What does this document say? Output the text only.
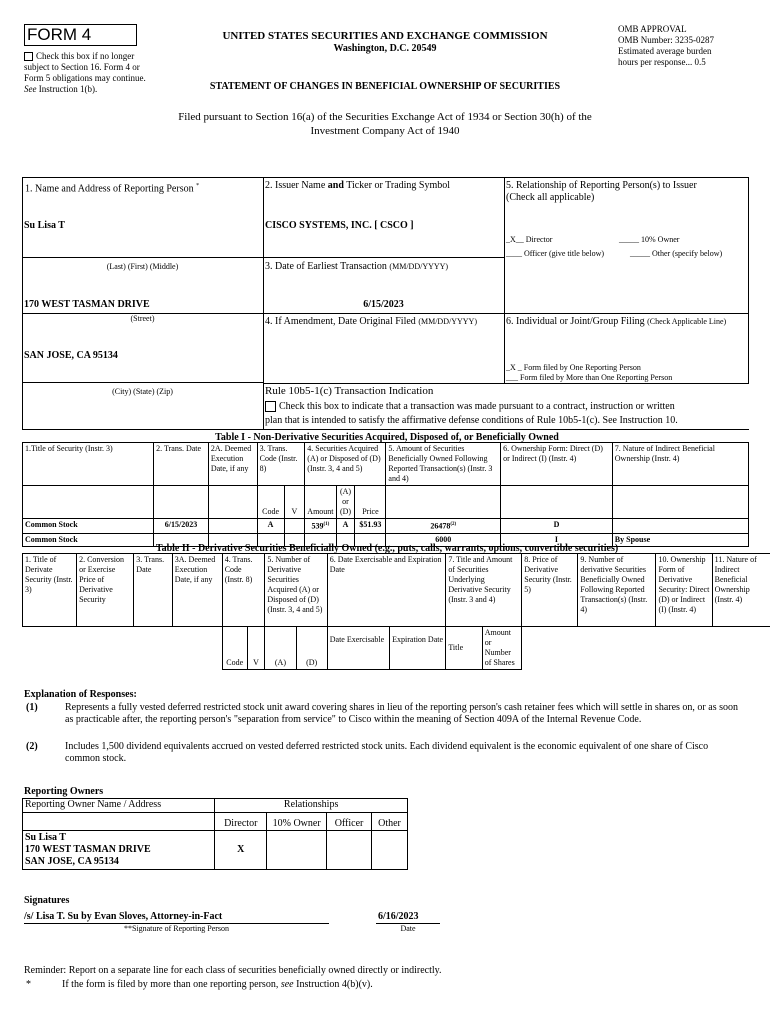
FORM 4
Check this box if no longer subject to Section 16. Form 4 or Form 5 obligations may continue. See Instruction 1(b).
UNITED STATES SECURITIES AND EXCHANGE COMMISSION
Washington, D.C. 20549
STATEMENT OF CHANGES IN BENEFICIAL OWNERSHIP OF SECURITIES
OMB APPROVAL
OMB Number: 3235-0287
Estimated average burden
hours per response... 0.5
Filed pursuant to Section 16(a) of the Securities Exchange Act of 1934 or Section 30(h) of the
Investment Company Act of 1940
1. Name and Address of Reporting Person *
Su Lisa T
(Last) (First) (Middle)
170 WEST TASMAN DRIVE
(Street)
SAN JOSE, CA 95134
(City) (State) (Zip)
2. Issuer Name and Ticker or Trading Symbol
CISCO SYSTEMS, INC. [ CSCO ]
3. Date of Earliest Transaction (MM/DD/YYYY)
6/15/2023
4. If Amendment, Date Original Filed (MM/DD/YYYY)
5. Relationship of Reporting Person(s) to Issuer
(Check all applicable)
_X__ Director	_____ 10% Owner
____ Officer (give title below)	_____ Other (specify below)
6. Individual or Joint/Group Filing (Check Applicable Line)
_X _ Form filed by One Reporting Person
___ Form filed by More than One Reporting Person
Rule 10b5-1(c) Transaction Indication
Check this box to indicate that a transaction was made pursuant to a contract, instruction or written
plan that is intended to satisfy the affirmative defense conditions of Rule 10b5-1(c). See Instruction 10.
Table I - Non-Derivative Securities Acquired, Disposed of, or Beneficially Owned
1.Title of Security (Instr. 3)	2. Trans. Date	2A. Deemed Execution Date, if any	3. Trans. Code (Instr. 8)		4. Securities Acquired (A) or Disposed of (D) (Instr. 3, 4 and 5)			5. Amount of Securities Beneficially Owned Following Reported Transaction(s) (Instr. 3 and 4)	6. Ownership Form: Direct (D) or Indirect (I) (Instr. 4)	7. Nature of Indirect Beneficial Ownership (Instr. 4)
			Code	V	Amount	(A) or (D)	Price			
Common Stock	6/15/2023		A		539$^{(1)}$	A	$51.93	26478$^{(2)}$	D	
Common Stock								6000	I	By Spouse
Table II - Derivative Securities Beneficially Owned (e.g., puts, calls, warrants, options, convertible securities)
1. Title of Derivate Security (Instr. 3)	2. Conversion or Exercise Price of Derivative Security	3. Trans. Date	3A. Deemed Execution Date, if any	4. Trans. Code (Instr. 8)		5. Number of Derivative Securities Acquired (A) or Disposed of (D) (Instr. 3, 4 and 5)		6. Date Exercisable and Expiration Date		7. Title and Amount of Securities Underlying Derivative Security (Instr. 3 and 4)		8. Price of Derivative Security (Instr. 5)	9. Number of derivative Securities Beneficially Owned Following Reported Transaction(s) (Instr. 4)	10. Ownership Form of Derivative Security: Direct (D) or Indirect (I) (Instr. 4)	11. Nature of Indirect Beneficial Ownership (Instr. 4)
				Code	V	(A)	(D)	Date Exercisable	Expiration Date	Title	Amount or Number of Shares				
Explanation of Responses:
(1)	Represents a fully vested deferred restricted stock unit award covering shares in lieu of the reporting person's cash retainer fees which will settle in shares on, or as soon as practicable after, the reporting person's "separation from service" to Cisco within the meaning of Section 409A of the Internal Revenue Code.
(2)	Includes 1,500 dividend equivalents accrued on vested deferred restricted stock units. Each dividend equivalent is the economic equivalent of one share of Cisco common stock.
Reporting Owners
Reporting Owner Name / Address	Relationships			
	Director	10% Owner	Officer	Other

Su Lisa T
170 WEST TASMAN DRIVE
SAN JOSE, CA 95134	X			
Signatures
/s/ Lisa T. Su by Evan Sloves, Attorney-in-Fact
**Signature of Reporting Person
6/16/2023
Date
Reminder: Report on a separate line for each class of securities beneficially owned directly or indirectly.
*	If the form is filed by more than one reporting person, see Instruction 4(b)(v).
